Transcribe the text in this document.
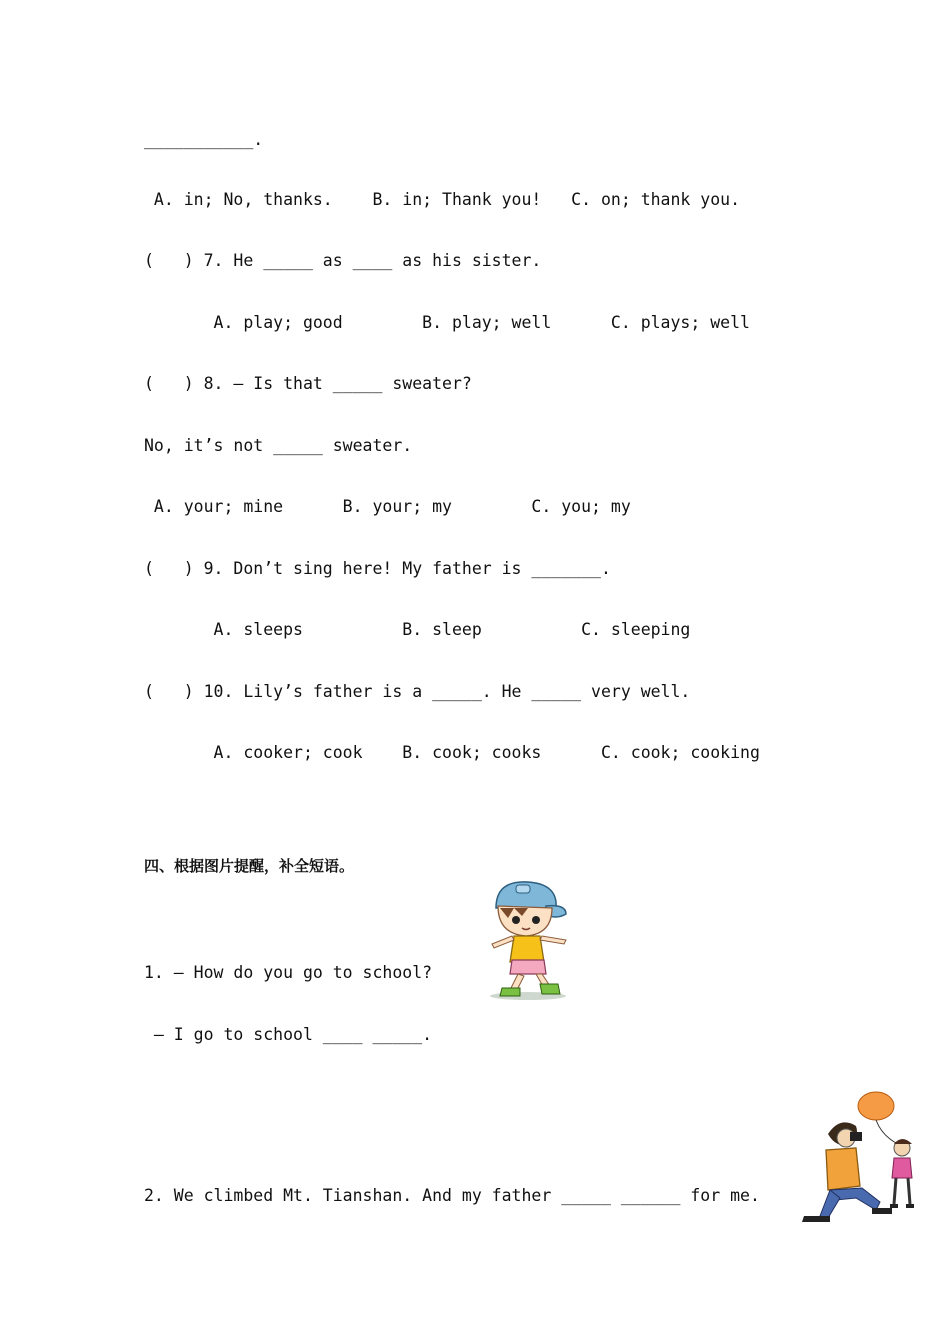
___________.
A. in; No, thanks.    B. in; Thank you!   C. on; thank you.
(   ) 7. He _____ as ____ as his sister.
A. play; good        B. play; well      C. plays; well
(   ) 8. — Is that _____ sweater?
No, it’s not _____ sweater.
A. your; mine      B. your; my        C. you; my
(   ) 9. Don’t sing here! My father is _______.
A. sleeps          B. sleep          C. sleeping
(   ) 10. Lily’s father is a _____. He _____ very well.
A. cooker; cook    B. cook; cooks      C. cook; cooking
四、根据图片提醒，补全短语。
1. — How do you go to school?
— I go to school ____ _____.
2. We climbed Mt. Tianshan. And my father _____ ______ for me.
